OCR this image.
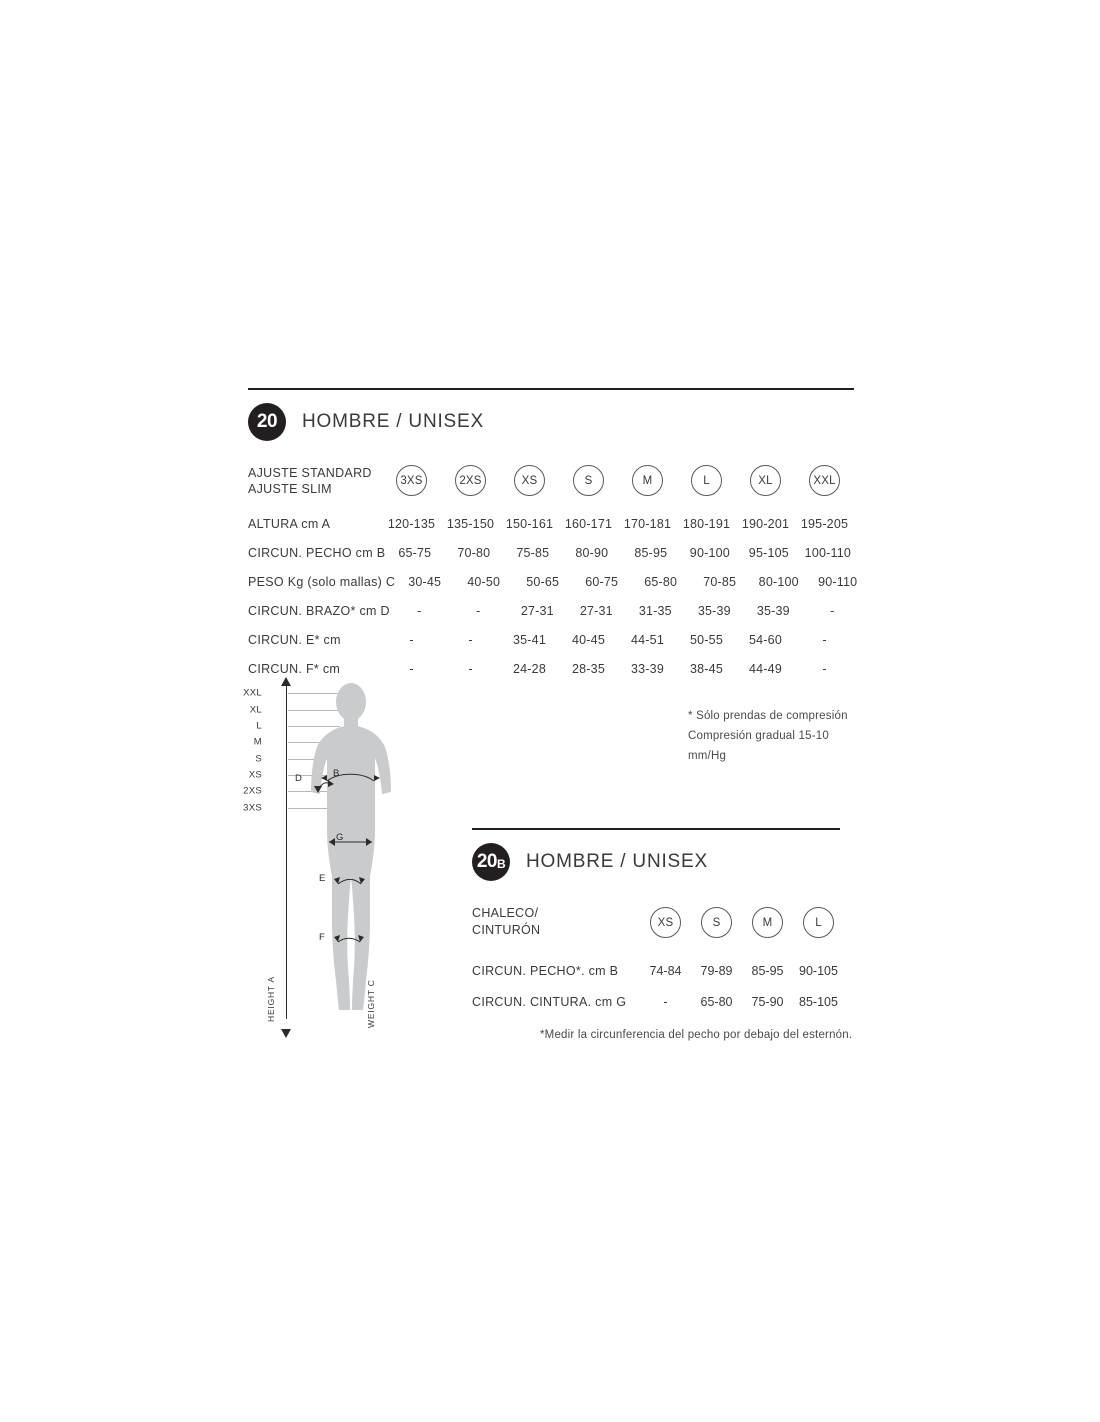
20 HOMBRE / UNISEX
AJUSTE STANDARD
AJUSTE SLIM
3XS	2XS	XS	S	M	L	XL	XXL
ALTURA cm A	120-135 135-150 150-161 160-171 170-181 180-191 190-201 195-205
CIRCUN. PECHO cm B	65-75	70-80	75-85	80-90	85-95	90-100	95-105	100-110
PESO Kg (solo mallas) C	30-45	40-50	50-65	60-75	65-80	70-85	80-100	90-110
CIRCUN. BRAZO* cm D	-	-	27-31	27-31	31-35	35-39	35-39	-
CIRCUN. E* cm	-	-	35-41	40-45	44-51	50-55	54-60	-
CIRCUN. F* cm	-	-	24-28	28-35	33-39	38-45	44-49	-
* Sólo prendas de compresión
Compresión gradual 15-10 mm/Hg
XXL
XL
L
M
S
XS
2XS
3XS
HEIGHT A
D	B
G
E
F
WEIGHT C
20 B HOMBRE / UNISEX
CHALECO/
CINTURÓN
XS	S	M	L
CIRCUN. PECHO*. cm B	74-84	79-89	85-95	90-105
CIRCUN. CINTURA. cm G	-	65-80	75-90	85-105
*Medir la circunferencia del pecho por debajo del esternón.
